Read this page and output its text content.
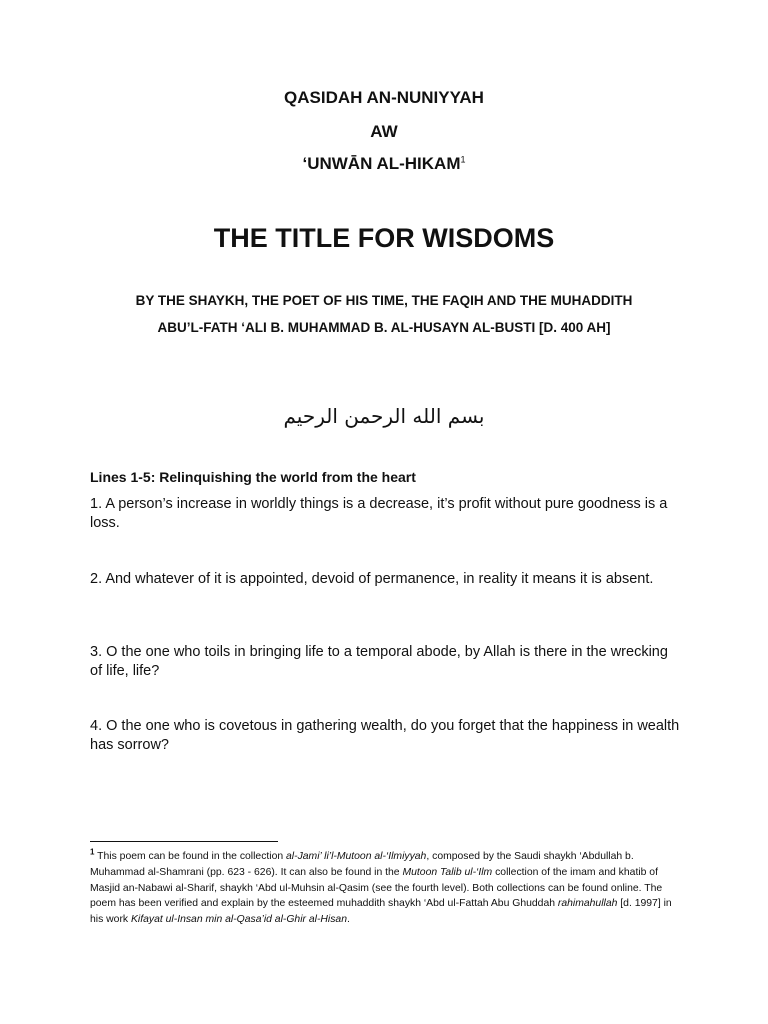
QASIDAH AN-NUNIYYAH
AW
‘UNWĀN AL-HIKAM$^1$
THE TITLE FOR WISDOMS
BY THE SHAYKH, THE POET OF HIS TIME, THE FAQIH AND THE MUHADDITH
ABU’L-FATH ‘ALI B. MUHAMMAD B. AL-HUSAYN AL-BUSTI [D. 400 AH]
بسم الله الرحمن الرحيم
Lines 1-5: Relinquishing the world from the heart
1. A person’s increase in worldly things is a decrease, it’s profit without pure goodness is a loss.
2. And whatever of it is appointed, devoid of permanence, in reality it means it is absent.
3. O the one who toils in bringing life to a temporal abode, by Allah is there in the wrecking of life, life?
4. O the one who is covetous in gathering wealth, do you forget that the happiness in wealth has sorrow?
$^1$ This poem can be found in the collection al-Jami’ li’l-Mutoon al-‘Ilmiyyah, composed by the Saudi shaykh ‘Abdullah b. Muhammad al-Shamrani (pp. 623 - 626). It can also be found in the Mutoon Talib ul-‘Ilm collection of the imam and khatib of Masjid an-Nabawi al-Sharif, shaykh ‘Abd ul-Muhsin al-Qasim (see the fourth level). Both collections can be found online. The poem has been verified and explain by the esteemed muhaddith shaykh ‘Abd ul-Fattah Abu Ghuddah rahimahullah [d. 1997] in his work Kifayat ul-Insan min al-Qasa’id al-Ghir al-Hisan.
